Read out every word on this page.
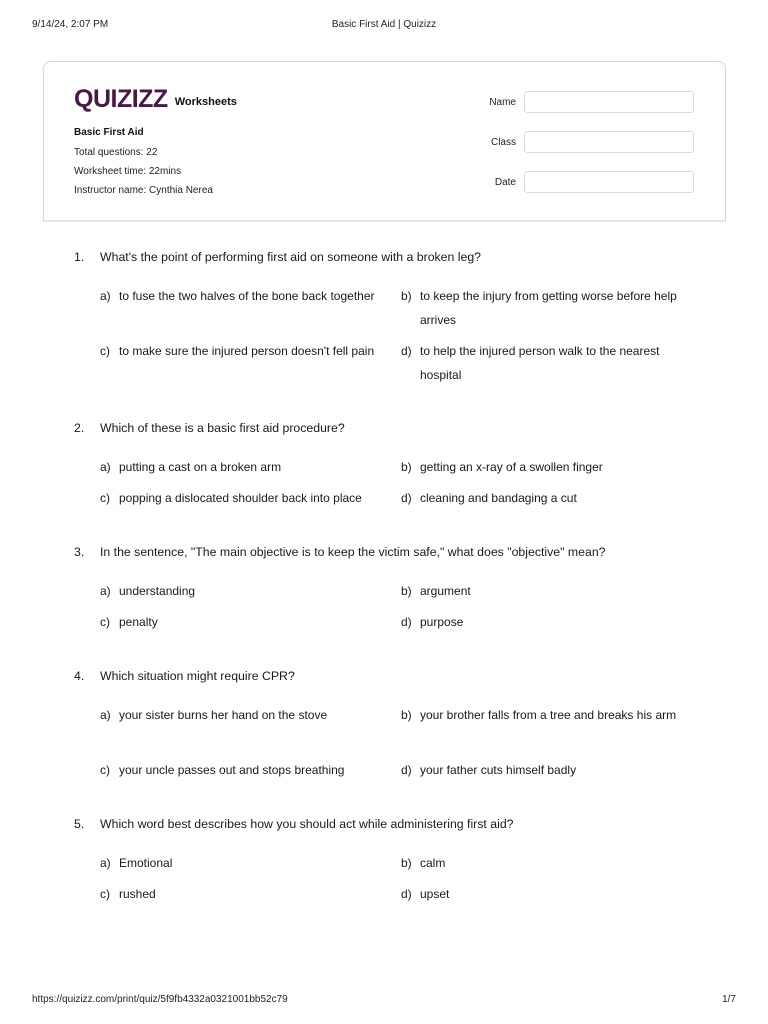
9/14/24, 2:07 PM	Basic First Aid | Quizizz
QUIZIZZ Worksheets
Basic First Aid
Total questions: 22
Worksheet time: 22mins
Instructor name: Cynthia Nerea
Name
Class
Date
1. What's the point of performing first aid on someone with a broken leg?
a) to fuse the two halves of the bone back together b) to keep the injury from getting worse before help arrives
c) to make sure the injured person doesn't fell pain	d) to help the injured person walk to the nearest hospital
2. Which of these is a basic first aid procedure?
a) putting a cast on a broken arm	b) getting an x-ray of a swollen finger
c) popping a dislocated shoulder back into place	d) cleaning and bandaging a cut
3. In the sentence, "The main objective is to keep the victim safe," what does "objective" mean?
a) understanding	b) argument
c) penalty	d) purpose
4. Which situation might require CPR?
a) your sister burns her hand on the stove	b) your brother falls from a tree and breaks his arm
c) your uncle passes out and stops breathing	d) your father cuts himself badly
5. Which word best describes how you should act while administering first aid?
a) Emotional	b) calm
c) rushed	d) upset
https://quizizz.com/print/quiz/5f9fb4332a0321001bb52c79	1/7
